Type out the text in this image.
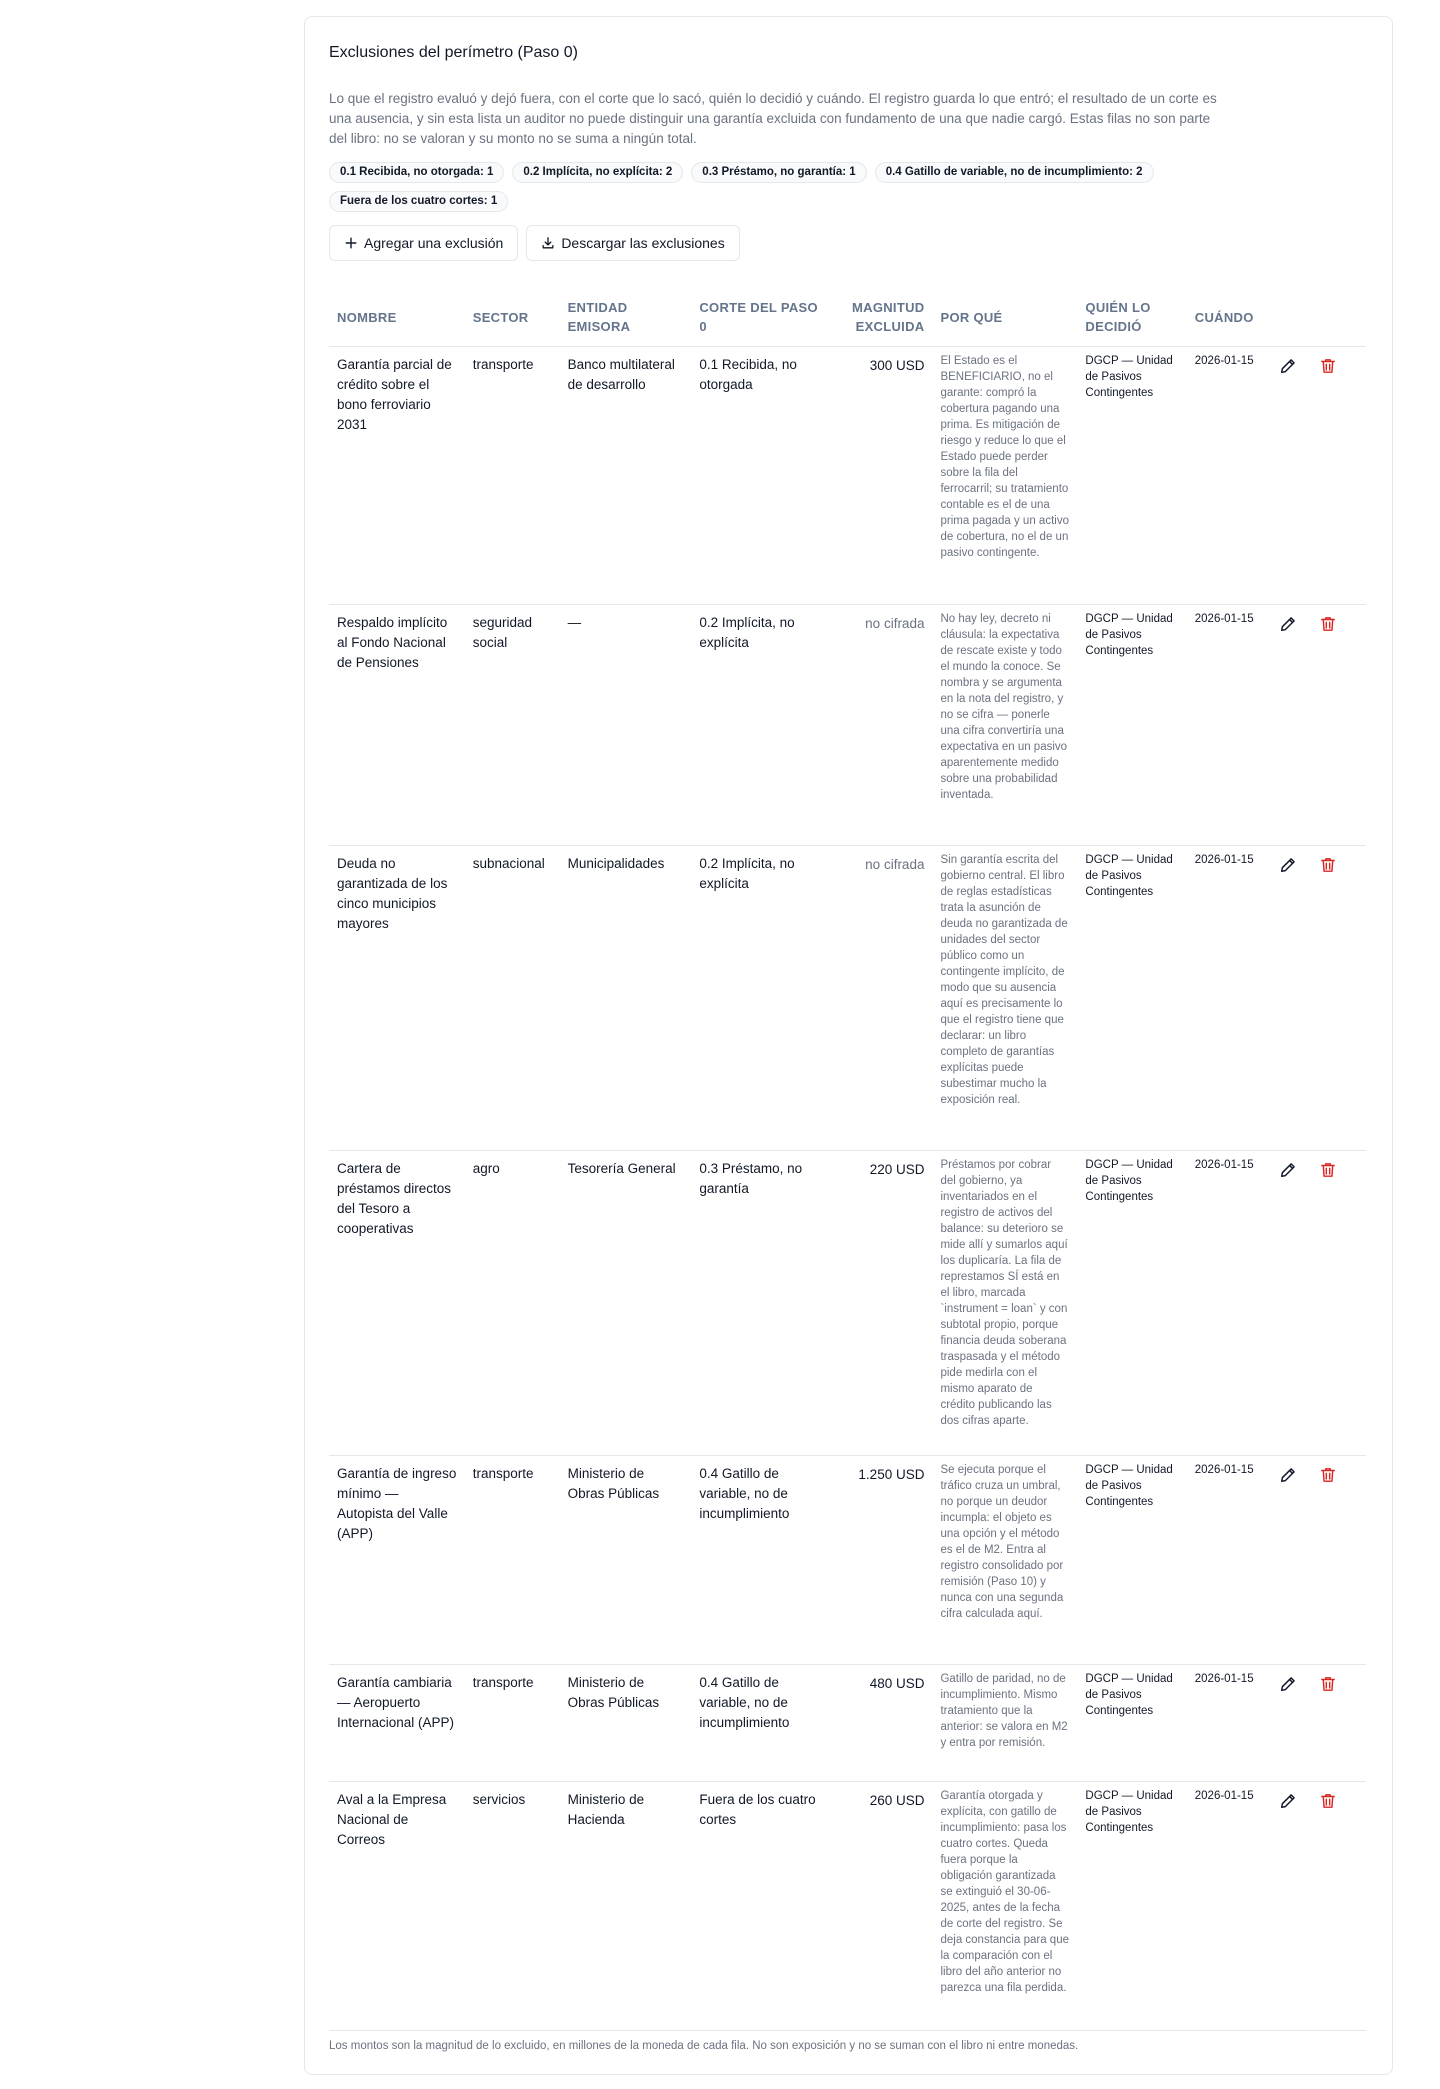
Exclusiones del perímetro (Paso 0)

Lo que el registro evaluó y dejó fuera, con el corte que lo sacó, quién lo decidió y cuándo. El registro guarda lo que entró; el resultado de un corte es una ausencia, y sin esta lista un auditor no puede distinguir una garantía excluida con fundamento de una que nadie cargó. Estas filas no son parte del libro: no se valoran y su monto no se suma a ningún total.

0.1 Recibida, no otorgada: 1	0.2 Implícita, no explícita: 2	0.3 Préstamo, no garantía: 1	0.4 Gatillo de variable, no de incumplimiento: 2
Fuera de los cuatro cortes: 1
Agregar una exclusión	Descargar las exclusiones
NOMBRE	SECTOR	ENTIDAD EMISORA	CORTE DEL PASO 0	MAGNITUD EXCLUIDA	POR QUÉ	QUIÉN LO DECIDIÓ	CUÁNDO	
Garantía parcial de crédito sobre el bono ferroviario 2031	transporte	Banco multilateral de desarrollo	0.1 Recibida, no otorgada	300 USD	El Estado es el BENEFICIARIO, no el garante: compró la cobertura pagando una prima. Es mitigación de riesgo y reduce lo que el Estado puede perder sobre la fila del ferrocarril; su tratamiento contable es el de una prima pagada y un activo de cobertura, no el de un pasivo contingente.	DGCP — Unidad de Pasivos Contingentes	2026-01-15	

Respaldo implícito al Fondo Nacional de Pensiones	seguridad social	—	0.2 Implícita, no explícita	no cifrada	No hay ley, decreto ni cláusula: la expectativa de rescate existe y todo el mundo la conoce. Se nombra y se argumenta en la nota del registro, y no se cifra — ponerle una cifra convertiría una expectativa en un pasivo aparentemente medido sobre una probabilidad inventada.	DGCP — Unidad de Pasivos Contingentes	2026-01-15	

Deuda no garantizada de los cinco municipios mayores	subnacional	Municipalidades	0.2 Implícita, no explícita	no cifrada	Sin garantía escrita del gobierno central. El libro de reglas estadísticas trata la asunción de deuda no garantizada de unidades del sector público como un contingente implícito, de modo que su ausencia aquí es precisamente lo que el registro tiene que declarar: un libro completo de garantías explícitas puede subestimar mucho la exposición real.	DGCP — Unidad de Pasivos Contingentes	2026-01-15	

Cartera de préstamos directos del Tesoro a cooperativas	agro	Tesorería General	0.3 Préstamo, no garantía	220 USD	Préstamos por cobrar del gobierno, ya inventariados en el registro de activos del balance: su deterioro se mide allí y sumarlos aquí los duplicaría. La fila de represtamos SÍ está en el libro, marcada `instrument = loan` y con subtotal propio, porque financia deuda soberana traspasada y el método pide medirla con el mismo aparato de crédito publicando las dos cifras aparte.	DGCP — Unidad de Pasivos Contingentes	2026-01-15	

Garantía de ingreso mínimo — Autopista del Valle (APP)	transporte	Ministerio de Obras Públicas	0.4 Gatillo de variable, no de incumplimiento	1.250 USD	Se ejecuta porque el tráfico cruza un umbral, no porque un deudor incumpla: el objeto es una opción y el método es el de M2. Entra al registro consolidado por remisión (Paso 10) y nunca con una segunda cifra calculada aquí.	DGCP — Unidad de Pasivos Contingentes	2026-01-15	

Garantía cambiaria — Aeropuerto Internacional (APP)	transporte	Ministerio de Obras Públicas	0.4 Gatillo de variable, no de incumplimiento	480 USD	Gatillo de paridad, no de incumplimiento. Mismo tratamiento que la anterior: se valora en M2 y entra por remisión.	DGCP — Unidad de Pasivos Contingentes	2026-01-15	

Aval a la Empresa Nacional de Correos	servicios	Ministerio de Hacienda	Fuera de los cuatro cortes	260 USD	Garantía otorgada y explícita, con gatillo de incumplimiento: pasa los cuatro cortes. Queda fuera porque la obligación garantizada se extinguió el 30-06-2025, antes de la fecha de corte del registro. Se deja constancia para que la comparación con el libro del año anterior no parezca una fila perdida.	DGCP — Unidad de Pasivos Contingentes	2026-01-15	

Los montos son la magnitud de lo excluido, en millones de la moneda de cada fila. No son exposición y no se suman con el libro ni entre monedas.
